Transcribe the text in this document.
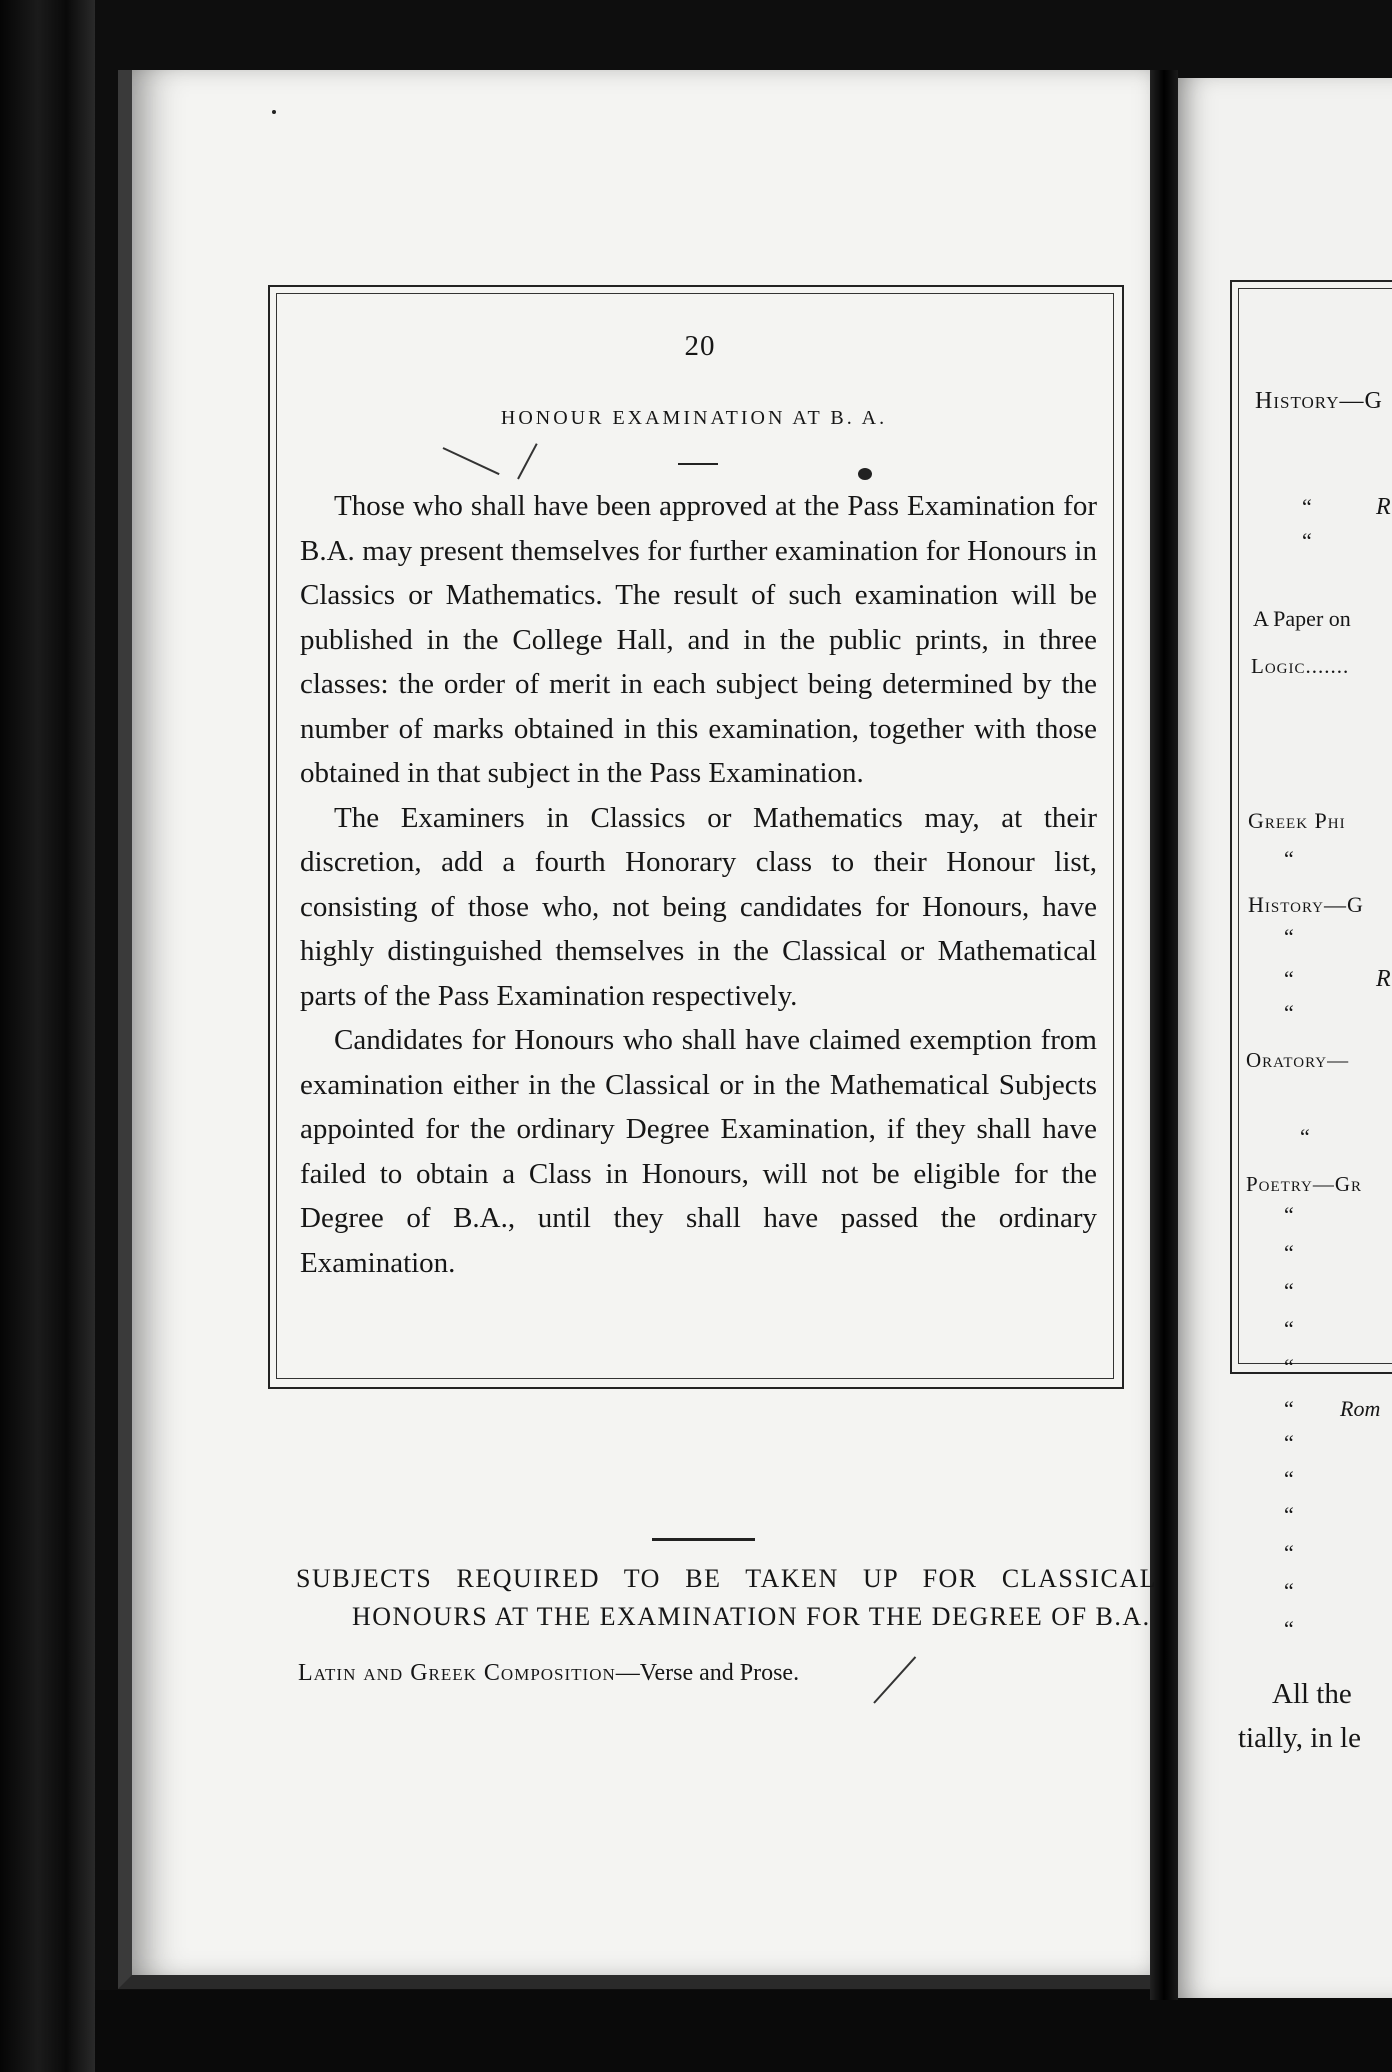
20
HONOUR EXAMINATION AT B. A.

Those who shall have been approved at the Pass Examination for B.A. may present themselves for further examination for Honours in Classics or Mathematics. The result of such examination will be published in the College Hall, and in the public prints, in three classes: the order of merit in each subject being determined by the number of marks obtained in this examination, together with those obtained in that subject in the Pass Examination.

The Examiners in Classics or Mathematics may, at their discretion, add a fourth Honorary class to their Honour list, consisting of those who, not being candidates for Honours, have highly distinguished themselves in the Classical or Mathematical parts of the Pass Examination respectively.

Candidates for Honours who shall have claimed exemption from examination either in the Classical or in the Mathematical Subjects appointed for the ordinary Degree Examination, if they shall have failed to obtain a Class in Honours, will not be eligible for the Degree of B.A., until they shall have passed the ordinary Examination.

SUBJECTS REQUIRED TO BE TAKEN UP FOR CLASSICAL HONOURS AT THE EXAMINATION FOR THE DEGREE OF B.A.
Latin and Greek Composition—Verse and Prose.
History—G
“	R
“
A Paper on
Logic.......
Greek Phi
“
History—G
“
“	R
“
Oratory—
“
Poetry—Gr
“
“
“
“
“
“ Rom
“
“
“
“
“
“
All the
tially, in le
